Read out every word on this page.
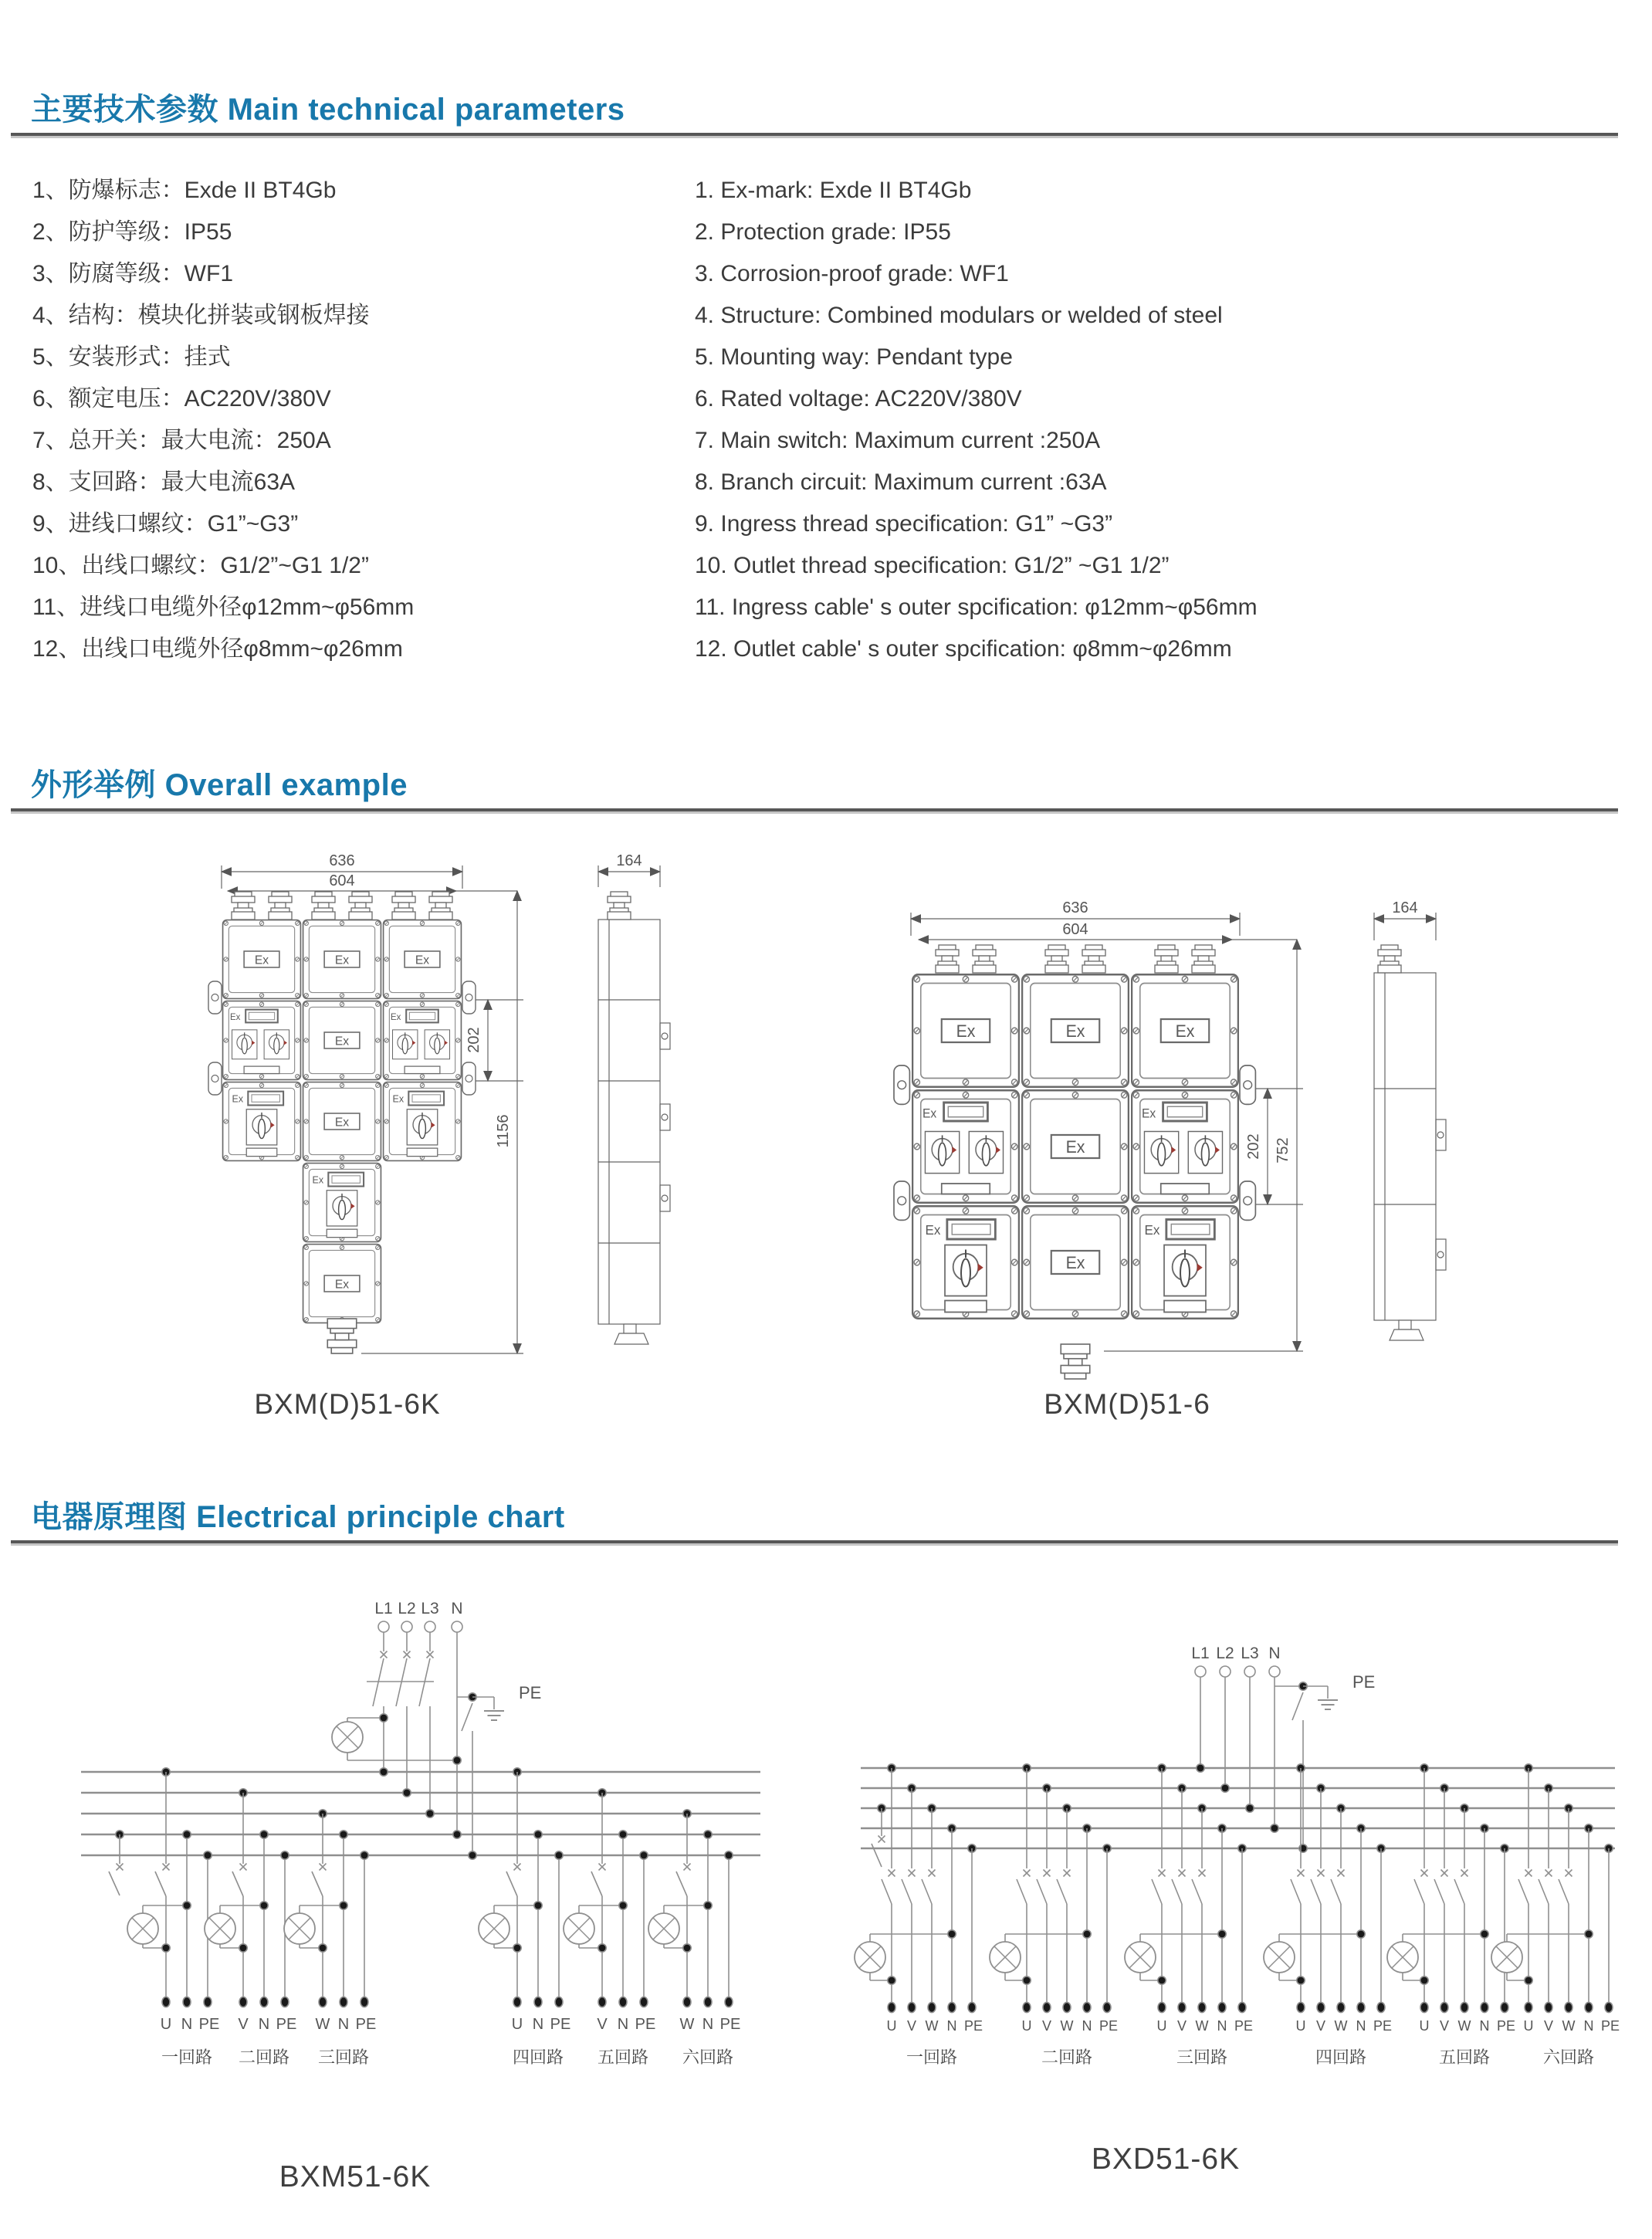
主要技术参数 Main technical parameters
1、防爆标志：Exde II BT4Gb	1. Ex-mark: Exde II BT4Gb
2、防护等级：IP55	2. Protection grade: IP55
3、防腐等级：WF1	3. Corrosion-proof grade: WF1
4、结构：模块化拼装或钢板焊接	4. Structure: Combined modulars or welded of steel
5、安装形式：挂式	5. Mounting way: Pendant type
6、额定电压：AC220V/380V	6. Rated voltage: AC220V/380V
7、总开关：最大电流：250A	7. Main switch: Maximum current :250A
8、支回路：最大电流63A	8. Branch circuit: Maximum current :63A
9、进线口螺纹：G1”~G3”	9. Ingress thread specification: G1” ~G3”
10、出线口螺纹：G1/2”~G1 1/2”	10. Outlet thread specification: G1/2” ~G1 1/2”
11、进线口电缆外径φ12mm~φ56mm	11. Ingress cable' s outer spcification: φ12mm~φ56mm
12、出线口电缆外径φ8mm~φ26mm	12. Outlet cable' s outer spcification: φ8mm~φ26mm
外形举例 Overall example
636
604
202
1156
164
BXM(D)51-6K
636
604
202 752
164
BXM(D)51-6
电器原理图 Electrical principle chart
L1 L2 L3 N
PE
U N PE V N PE W N PE	U N PE V N PE W N PE
一回路 二回路 三回路	四回路 五回路 六回路
BXM51-6K
L1 L2 L3 N
PE
U V W N PE	U V W N PE	U V W N PE	U V W N PE U V W N PE U V W N PE
一回路	二回路	三回路	四回路	五回路	六回路
BXD51-6K
